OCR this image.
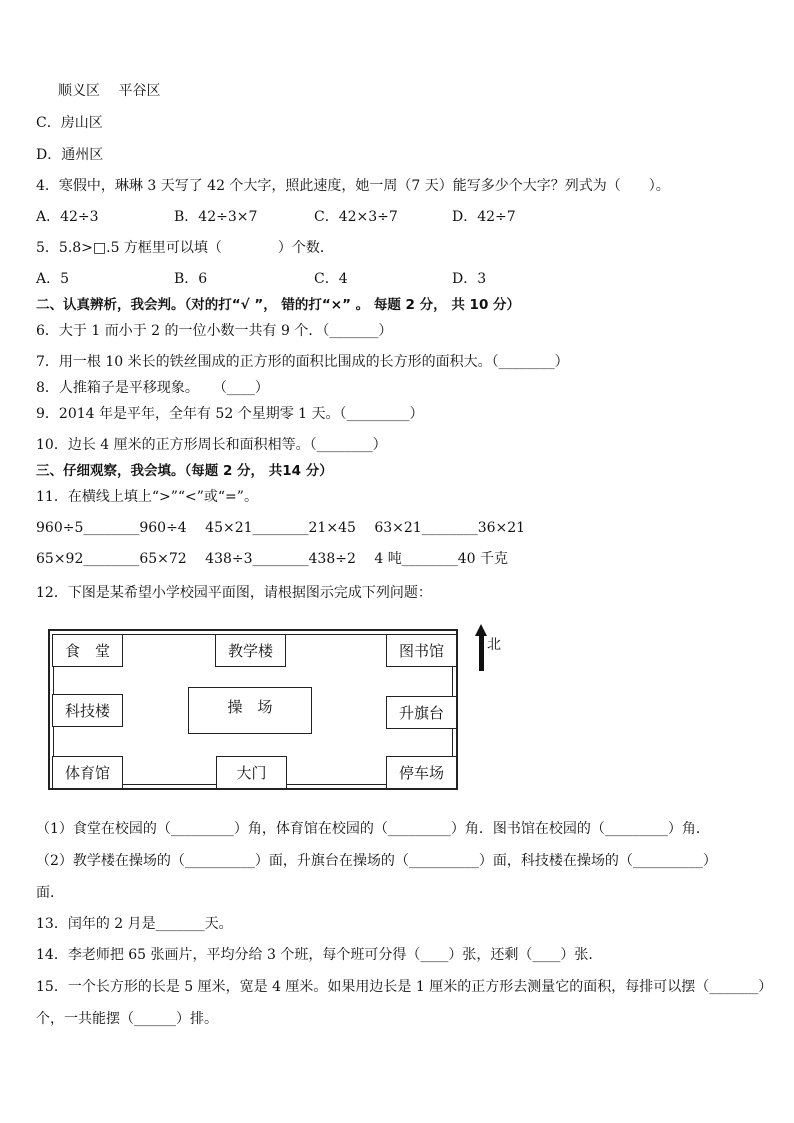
顺义区　 平谷区
C．房山区
D．通州区
4．寒假中，琳琳 3 天写了 42 个大字，照此速度，她一周（7 天）能写多少个大字？列式为（　　）。
A．42÷3	B．42÷3×7	C．42×3÷7	D．42÷7
5．5.8>□.5 方框里可以填（　　　　）个数．
A．5	B．6	C．4	D．3
二、认真辨析，我会判。（对的打“√ ”， 错的打“×” 。 每题 2 分， 共 10 分）
6．大于 1 而小于 2 的一位小数一共有 9 个．（_______）
7．用一根 10 米长的铁丝围成的正方形的面积比围成的长方形的面积大。（________）
8．人推箱子是平移现象。　　（____）
9．2014 年是平年，全年有 52 个星期零 1 天。（_________）
10．边长 4 厘米的正方形周长和面积相等。（________）
三、仔细观察，我会填。（每题 2 分， 共14 分）
11．在横线上填上“>”“<”或“=”。
960÷5________960÷4　 45×21________21×45　 63×21________36×21
65×92________65×72　 438÷3________438÷2　 4 吨________40 千克
12．下图是某希望小学校园平面图，请根据图示完成下列问题：
食　堂	教学楼	图书馆
科技楼	操　场	升旗台
体育馆	大门	停车场
北
（1）食堂在校园的（_________）角，体育馆在校园的（_________）角．图书馆在校园的（_________）角．
（2）教学楼在操场的（__________）面，升旗台在操场的（__________）面，科技楼在操场的（__________）
面．
13．闰年的 2 月是_______天。
14．李老师把 65 张画片，平均分给 3 个班，每个班可分得（____）张，还剩（____）张.
15．一个长方形的长是 5 厘米，宽是 4 厘米。如果用边长是 1 厘米的正方形去测量它的面积，每排可以摆（_______）
个，一共能摆（______）排。
